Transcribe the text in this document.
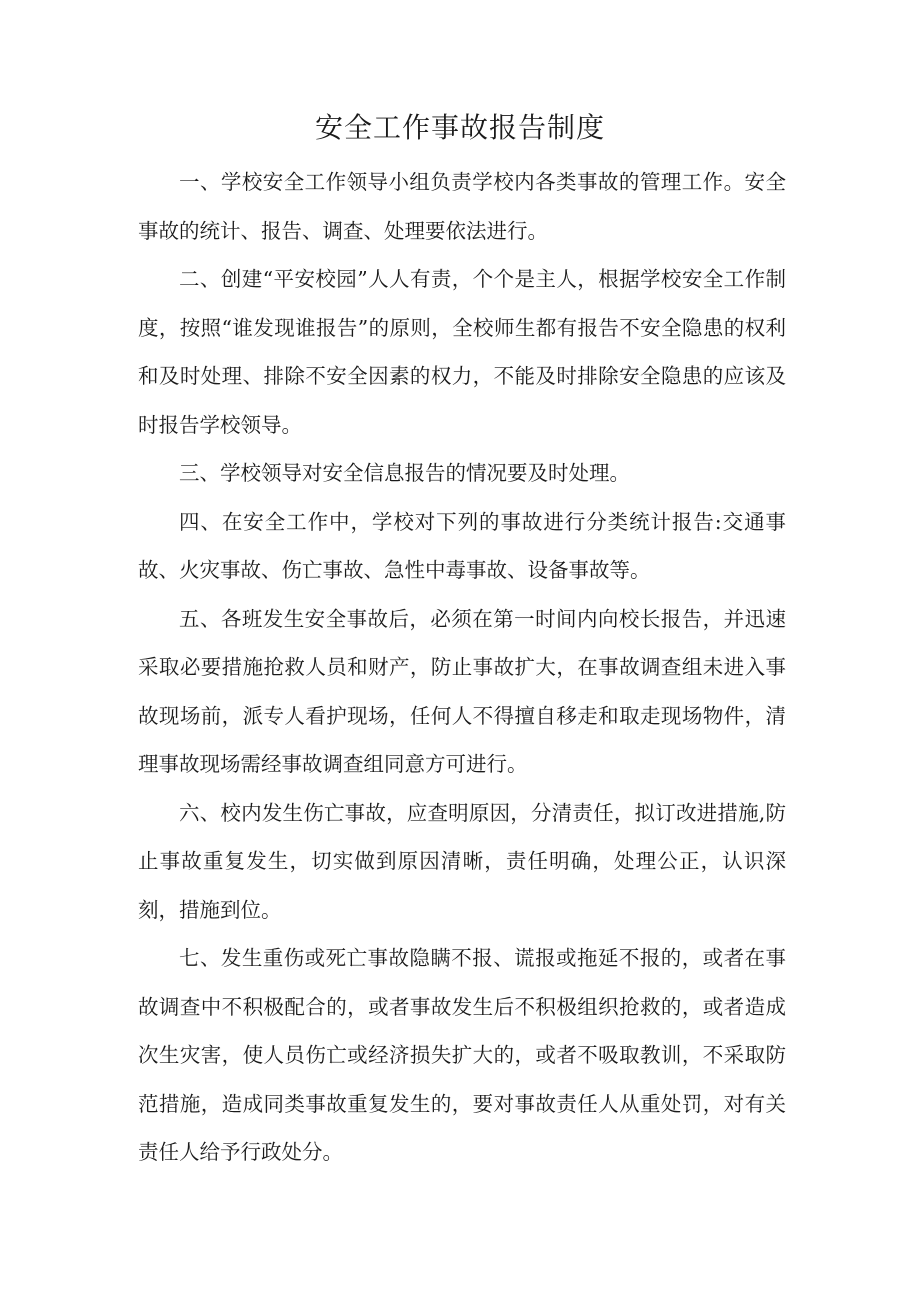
安全工作事故报告制度

一、学校安全工作领导小组负责学校内各类事故的管理工作。安全事故的统计、报告、调查、处理要依法进行。

二、创建“平安校园”人人有责，个个是主人，根据学校安全工作制度，按照“谁发现谁报告”的原则，全校师生都有报告不安全隐患的权利和及时处理、排除不安全因素的权力，不能及时排除安全隐患的应该及时报告学校领导。

三、学校领导对安全信息报告的情况要及时处理。

四、在安全工作中，学校对下列的事故进行分类统计报告:交通事故、火灾事故、伤亡事故、急性中毒事故、设备事故等。

五、各班发生安全事故后，必须在第一时间内向校长报告，并迅速采取必要措施抢救人员和财产，防止事故扩大，在事故调查组未进入事故现场前，派专人看护现场，任何人不得擅自移走和取走现场物件，清理事故现场需经事故调查组同意方可进行。

六、校内发生伤亡事故，应查明原因，分清责任，拟订改进措施,防止事故重复发生，切实做到原因清晰，责任明确，处理公正，认识深刻，措施到位。

七、发生重伤或死亡事故隐瞒不报、谎报或拖延不报的，或者在事故调查中不积极配合的，或者事故发生后不积极组织抢救的，或者造成次生灾害，使人员伤亡或经济损失扩大的，或者不吸取教训，不采取防范措施，造成同类事故重复发生的，要对事故责任人从重处罚，对有关责任人给予行政处分。
